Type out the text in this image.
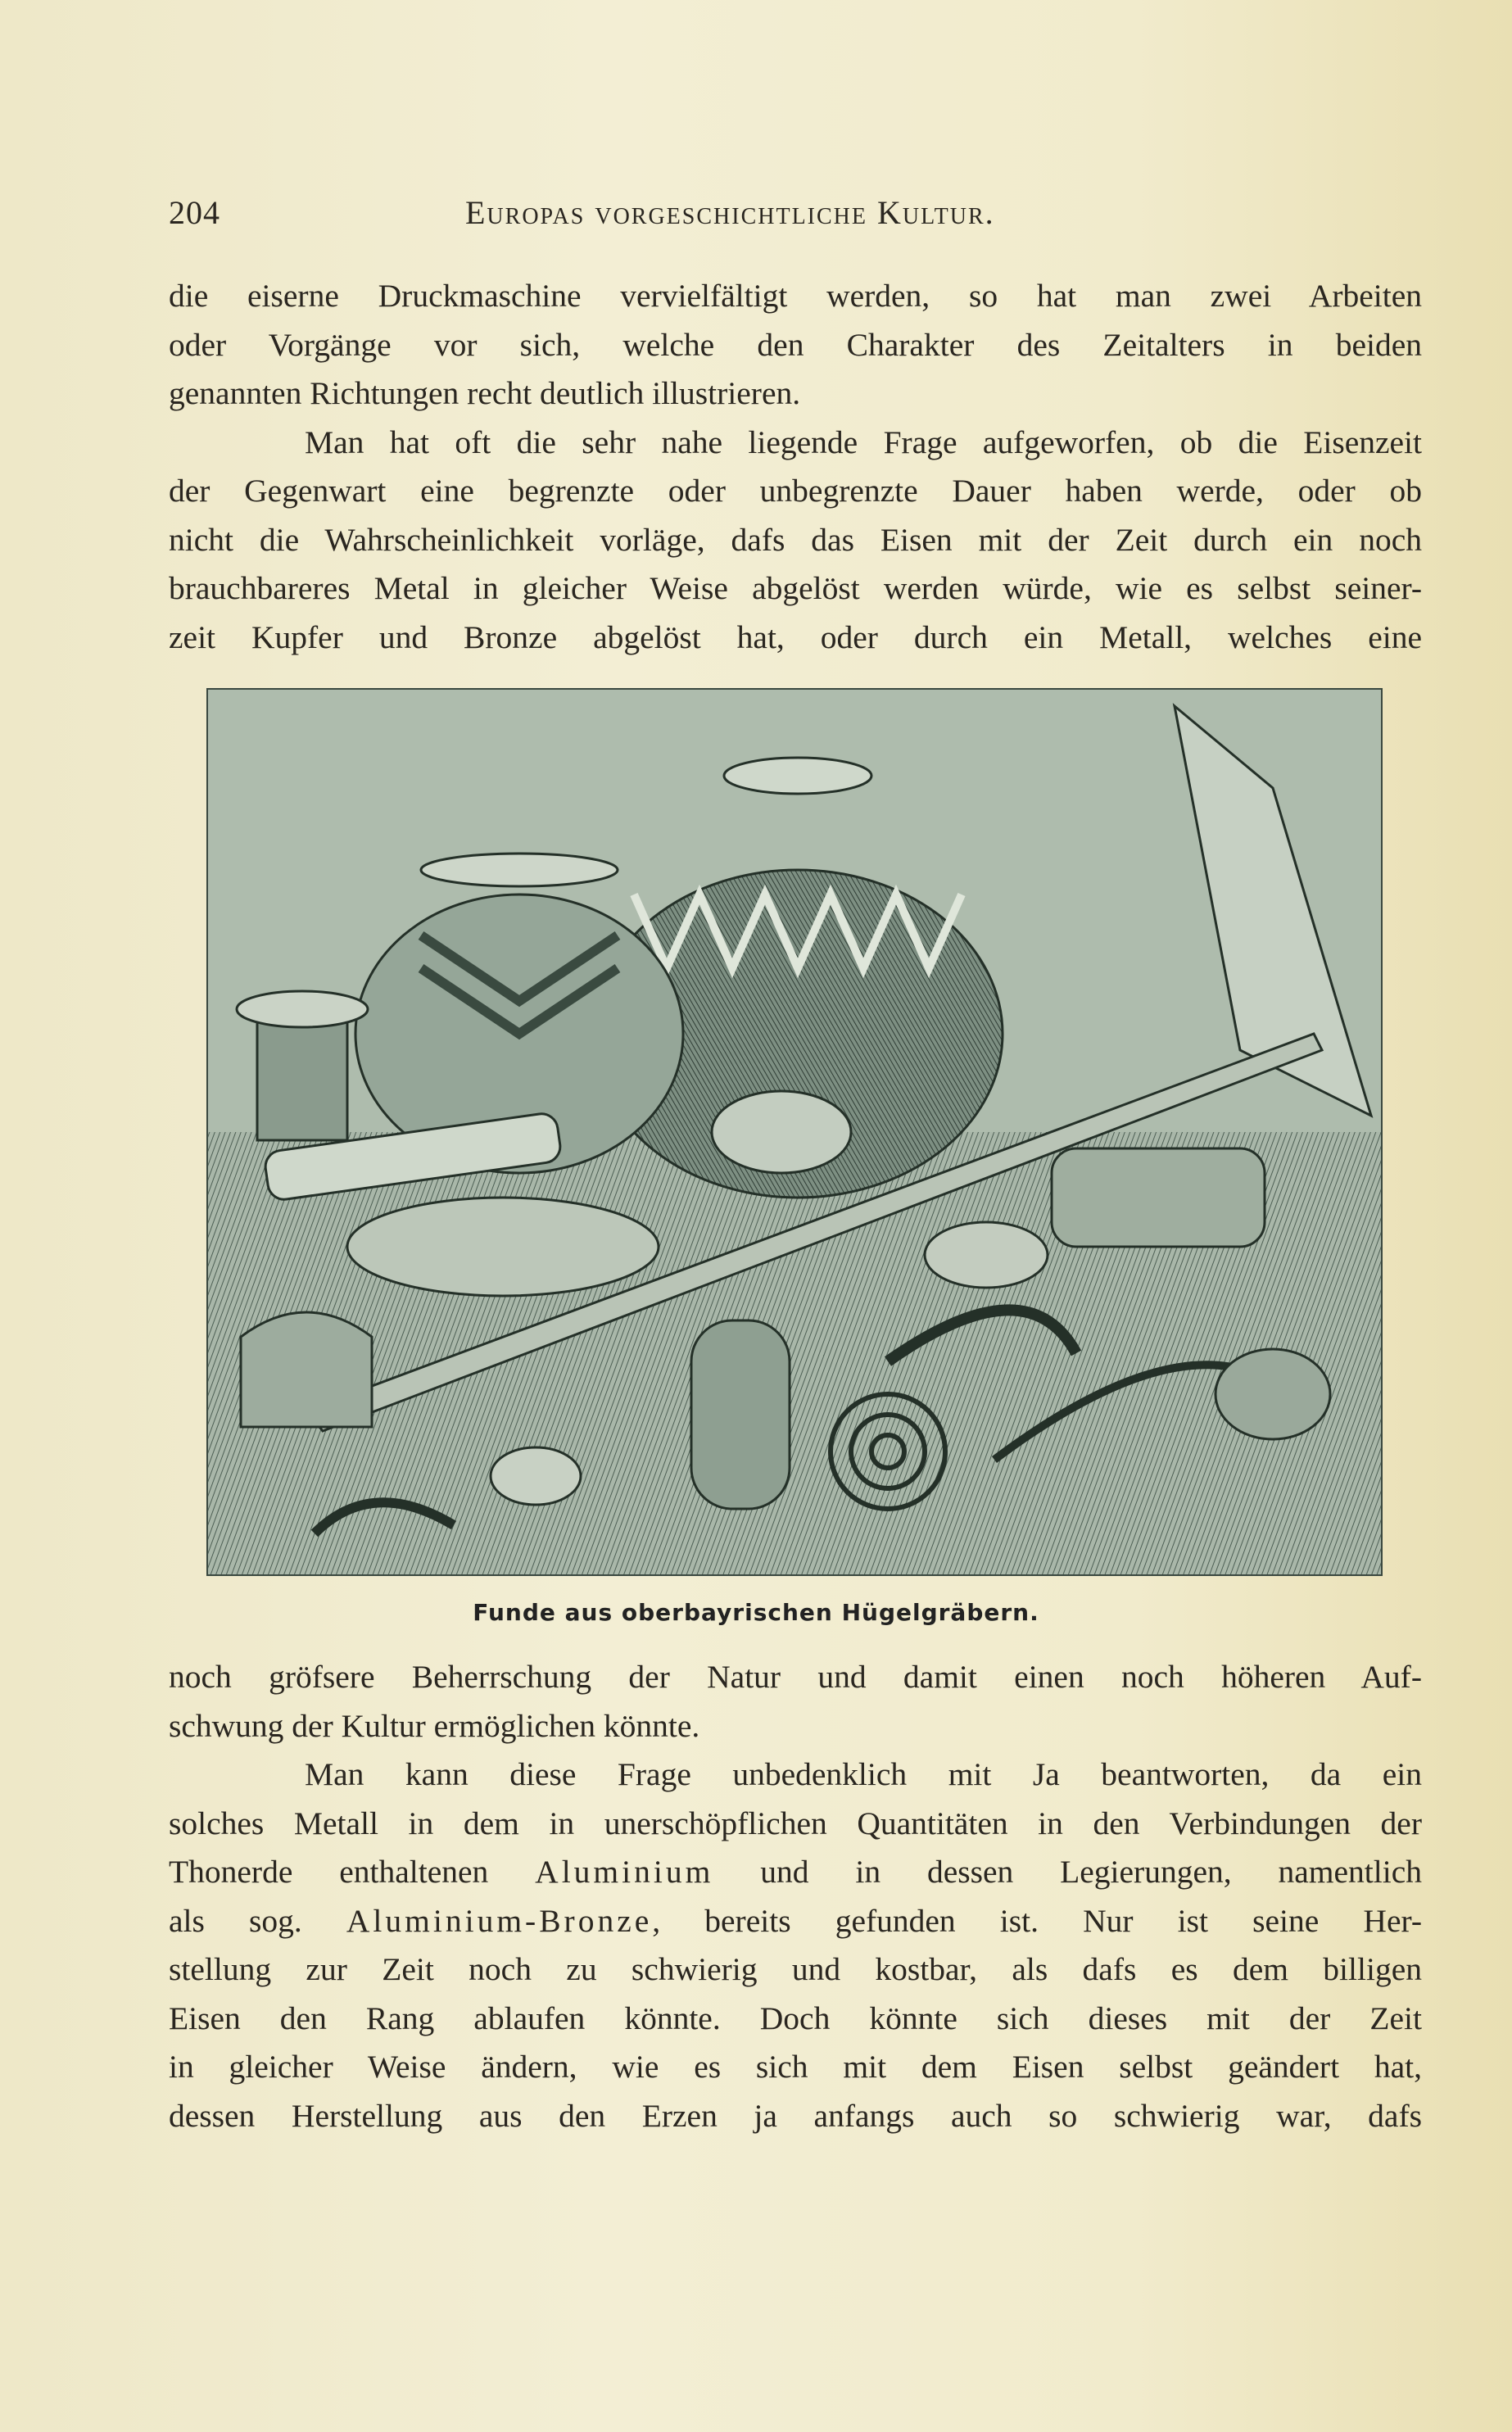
204	Europas vorgeschichtliche Kultur.
die eiserne Druckmaschine vervielfältigt werden, so hat man zwei Arbeiten
oder Vorgänge vor sich, welche den Charakter des Zeitalters in beiden
genannten Richtungen recht deutlich illustrieren.
Man hat oft die sehr nahe liegende Frage aufgeworfen, ob die Eisenzeit
der Gegenwart eine begrenzte oder unbegrenzte Dauer haben werde, oder ob
nicht die Wahrscheinlichkeit vorläge, dafs das Eisen mit der Zeit durch ein noch
brauchbareres Metal in gleicher Weise abgelöst werden würde, wie es selbst seiner-
zeit Kupfer und Bronze abgelöst hat, oder durch ein Metall, welches eine
Funde aus oberbayrischen Hügelgräbern.
noch gröfsere Beherrschung der Natur und damit einen noch höheren Auf-
schwung der Kultur ermöglichen könnte.
Man kann diese Frage unbedenklich mit Ja beantworten, da ein
solches Metall in dem in unerschöpflichen Quantitäten in den Verbindungen der
Thonerde enthaltenen Aluminium und in dessen Legierungen, namentlich
als sog. Aluminium-Bronze, bereits gefunden ist. Nur ist seine Her-
stellung zur Zeit noch zu schwierig und kostbar, als dafs es dem billigen
Eisen den Rang ablaufen könnte. Doch könnte sich dieses mit der Zeit
in gleicher Weise ändern, wie es sich mit dem Eisen selbst geändert hat,
dessen Herstellung aus den Erzen ja anfangs auch so schwierig war, dafs
